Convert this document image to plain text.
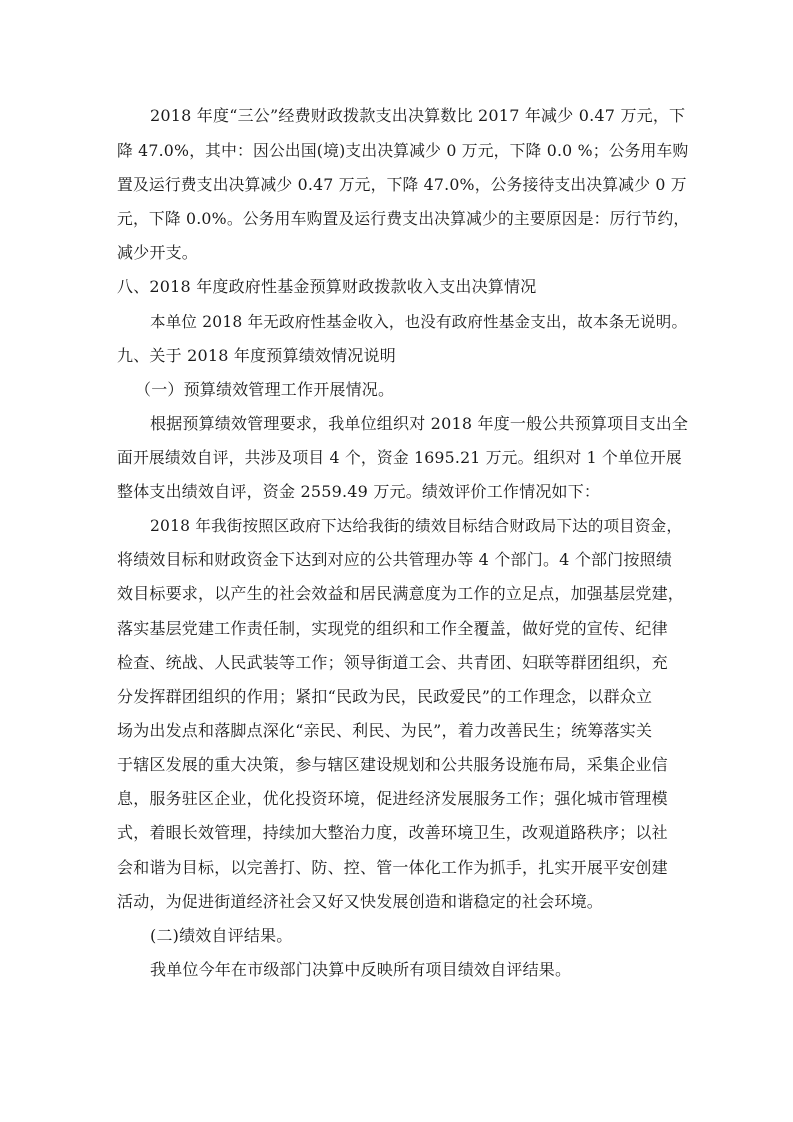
2018 年度“三公”经费财政拨款支出决算数比 2017 年减少 0.47 万元，下
降 47.0%，其中：因公出国(境)支出决算减少 0 万元，下降 0.0 %；公务用车购
置及运行费支出决算减少 0.47 万元，下降 47.0%，公务接待支出决算减少 0 万
元，下降 0.0%。公务用车购置及运行费支出决算减少的主要原因是：厉行节约，
减少开支。
八、2018 年度政府性基金预算财政拨款收入支出决算情况
本单位 2018 年无政府性基金收入，也没有政府性基金支出，故本条无说明。
九、关于 2018 年度预算绩效情况说明
（一）预算绩效管理工作开展情况。
根据预算绩效管理要求，我单位组织对 2018 年度一般公共预算项目支出全
面开展绩效自评，共涉及项目 4 个，资金 1695.21 万元。组织对 1 个单位开展
整体支出绩效自评，资金 2559.49 万元。绩效评价工作情况如下：
2018 年我街按照区政府下达给我街的绩效目标结合财政局下达的项目资金，
将绩效目标和财政资金下达到对应的公共管理办等 4 个部门。4 个部门按照绩
效目标要求，以产生的社会效益和居民满意度为工作的立足点，加强基层党建，
落实基层党建工作责任制，实现党的组织和工作全覆盖，做好党的宣传、纪律
检查、统战、人民武装等工作；领导街道工会、共青团、妇联等群团组织，充
分发挥群团组织的作用；紧扣“民政为民，民政爱民”的工作理念，以群众立
场为出发点和落脚点深化“亲民、利民、为民”，着力改善民生；统筹落实关
于辖区发展的重大决策，参与辖区建设规划和公共服务设施布局，采集企业信
息，服务驻区企业，优化投资环境，促进经济发展服务工作；强化城市管理模
式，着眼长效管理，持续加大整治力度，改善环境卫生，改观道路秩序；以社
会和谐为目标，以完善打、防、控、管一体化工作为抓手，扎实开展平安创建
活动，为促进街道经济社会又好又快发展创造和谐稳定的社会环境。
(二)绩效自评结果。
我单位今年在市级部门决算中反映所有项目绩效自评结果。
